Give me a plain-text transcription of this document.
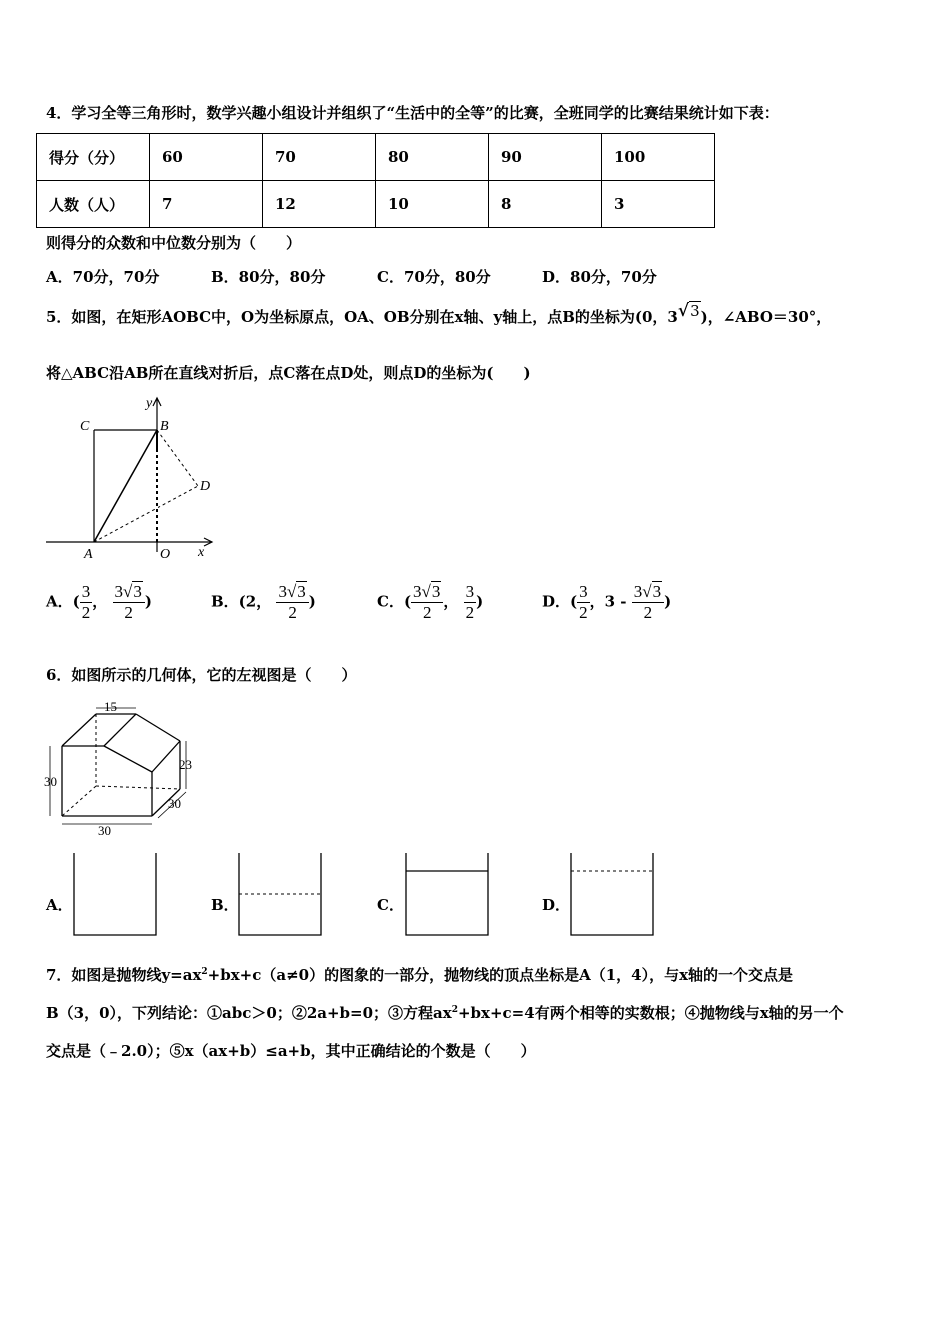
4．学习全等三角形时，数学兴趣小组设计并组织了“生活中的全等”的比赛，全班同学的比赛结果统计如下表：
得分（分）	60	70	80	90	100
人数（人）	7	12	10	8	3
则得分的众数和中位数分别为（　　）
A．70分，70分	B．80分，80分	C．70分，80分	D．80分，70分
5．如图，在矩形AOBC中，O为坐标原点，OA、OB分别在x轴、y轴上，点B的坐标为(0，3√3)，∠ABO＝30°，
将△ABC沿AB所在直线对折后，点C落在点D处，则点D的坐标为(　　)
C	B
y
D
A	O x
A．( $\frac{3}{2}$ ， $\frac{3√3}{2}$ )	B．(2， $\frac{3√3}{2}$ )	C．( $\frac{3√3}{2}$ ， $\frac{3}{2}$ )	D．( $\frac{3}{2}$ ，$3 - \frac{3√3}{2}$ )
6．如图所示的几何体，它的左视图是（　　）
15
23
30
30
30
A．	B．	C．	D．
7．如图是抛物线$y=ax^2+bx+c(a\ne 0)$的图象的一部分，抛物线的顶点坐标是A（1，4），与x轴的一个交点是
B（3，0），下列结论：①abc＞0；②2a+b=0；③方程$ax^2+bx+c=4$有两个相等的实数根；④抛物线与x轴的另一个
交点是（﹣2.0）；⑤x（ax+b）≤a+b，其中正确结论的个数是（　　）
